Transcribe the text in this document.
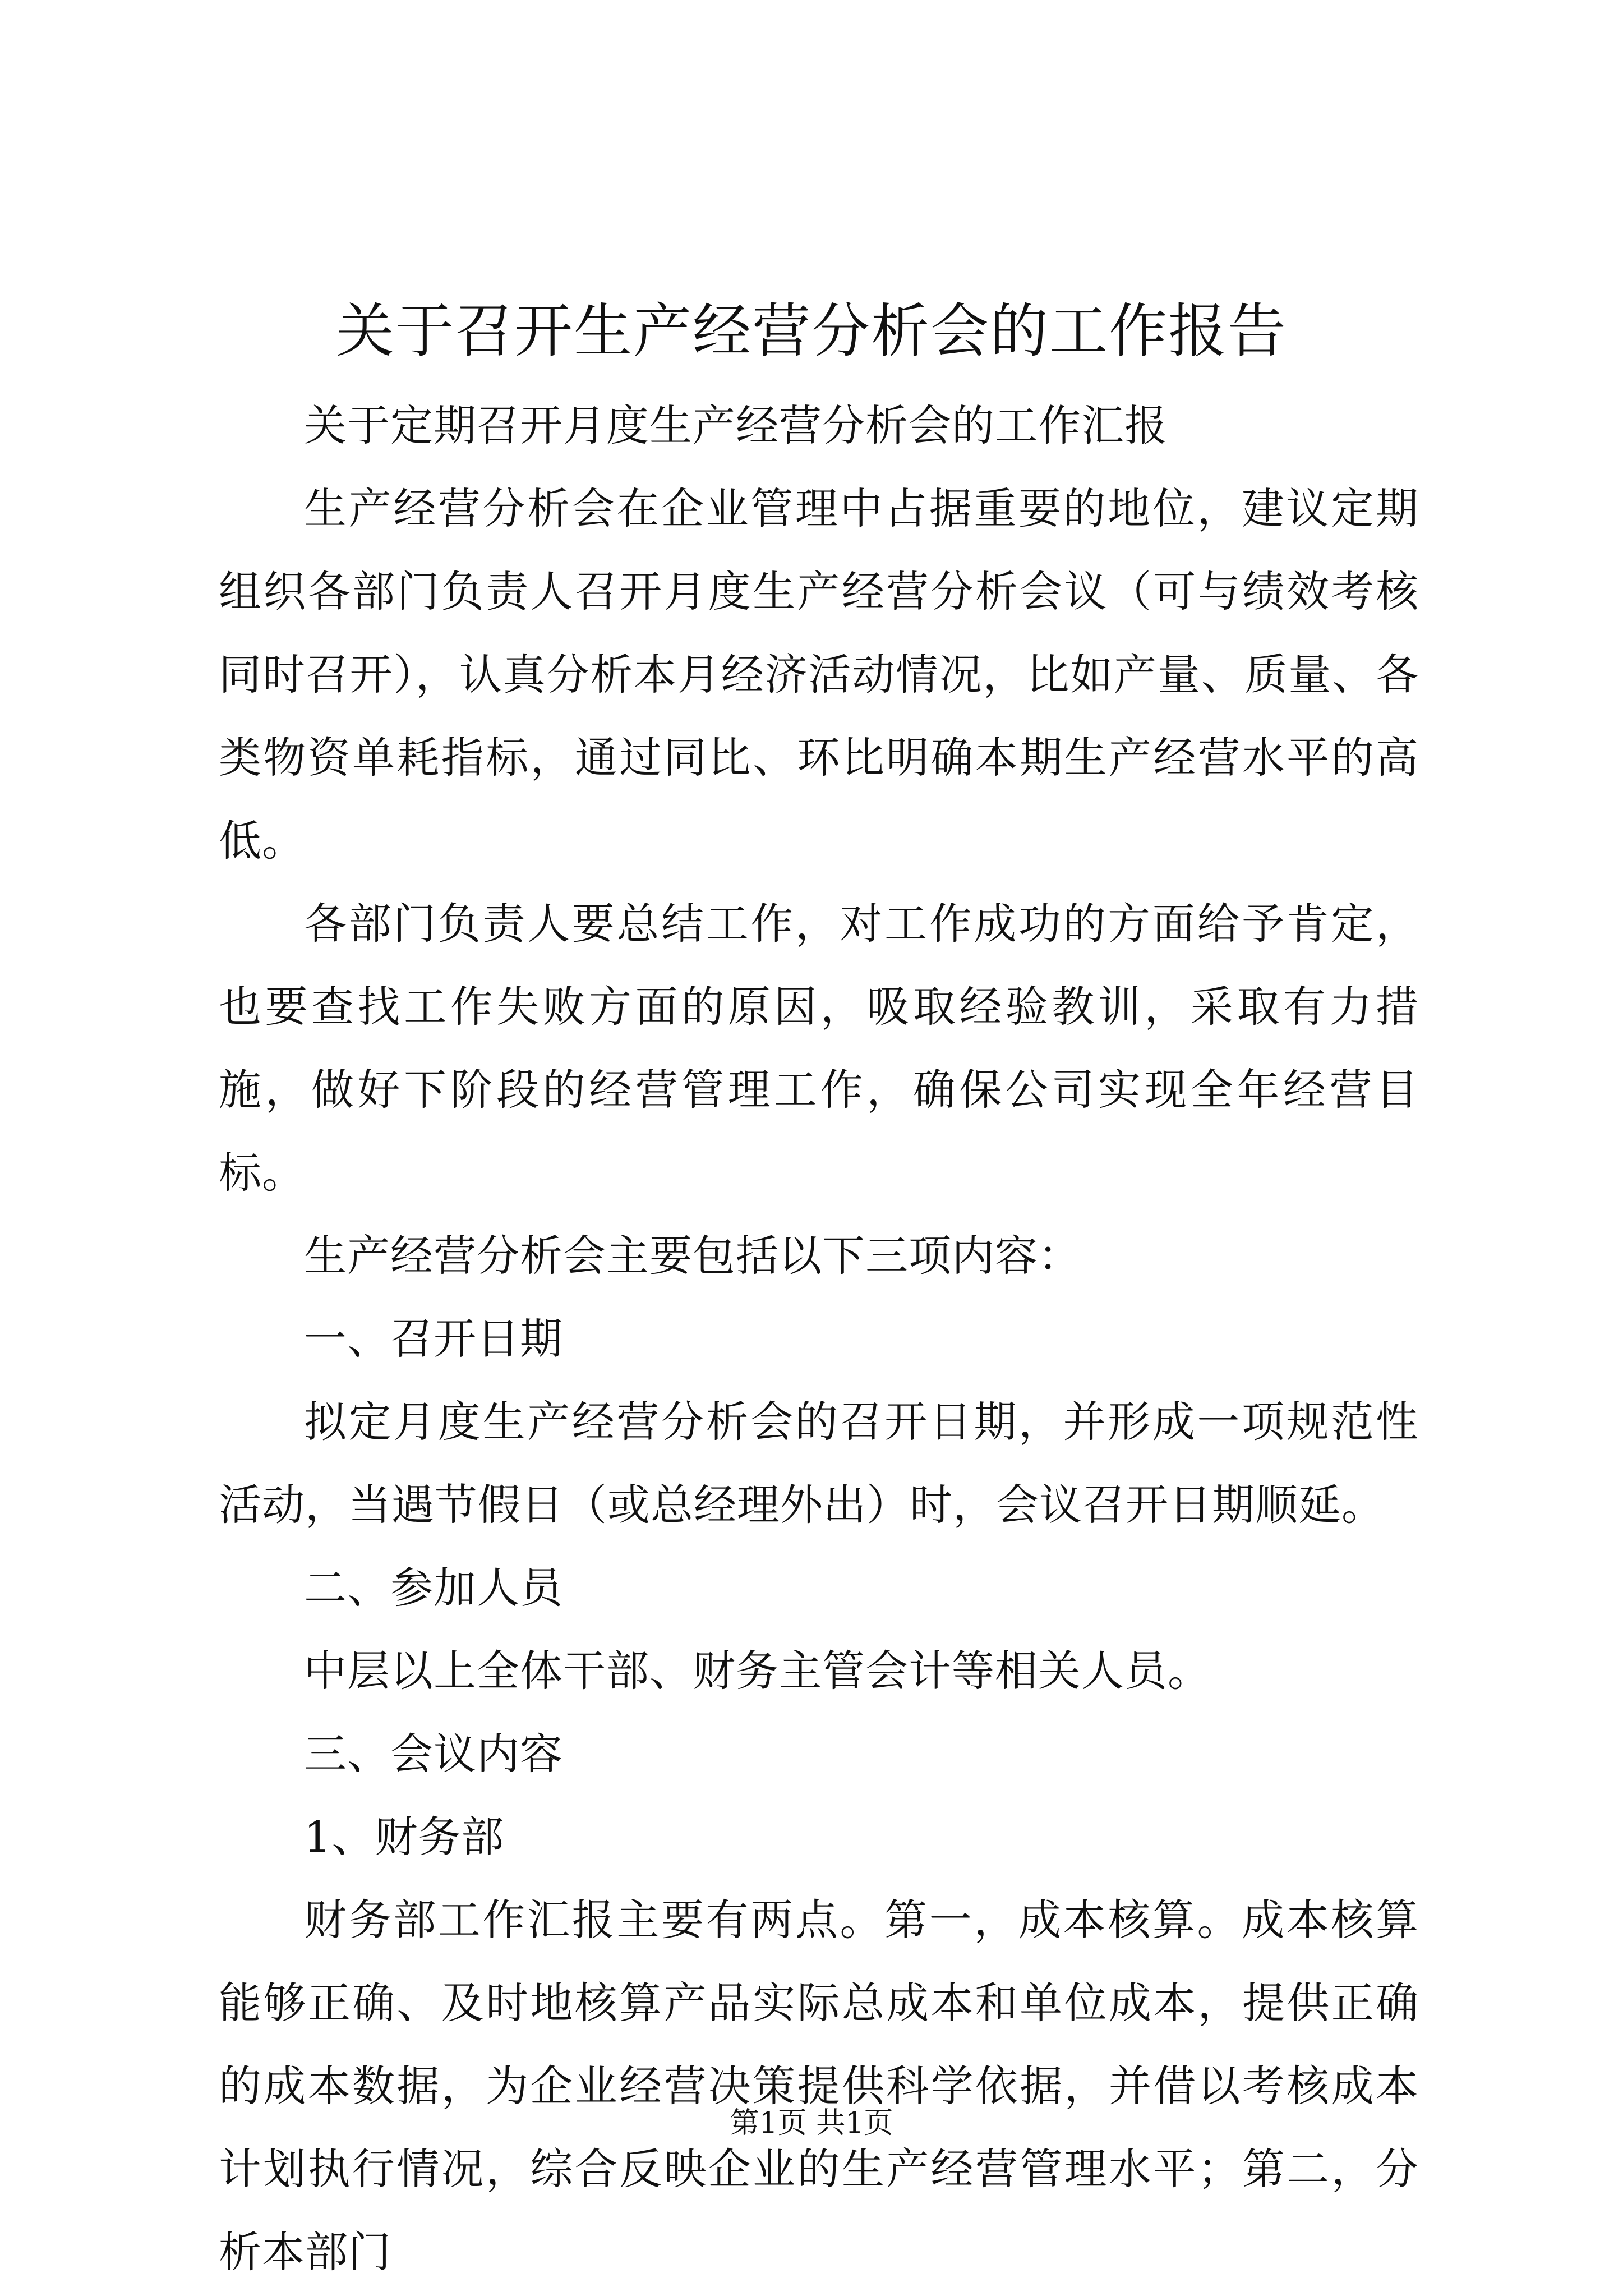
关于召开生产经营分析会的工作报告

关于定期召开月度生产经营分析会的工作汇报

生产经营分析会在企业管理中占据重要的地位，建议定期组织各部门负责人召开月度生产经营分析会议（可与绩效考核同时召开），认真分析本月经济活动情况，比如产量、质量、各类物资单耗指标，通过同比、环比明确本期生产经营水平的高低。

各部门负责人要总结工作，对工作成功的方面给予肯定，也要查找工作失败方面的原因，吸取经验教训，采取有力措施，做好下阶段的经营管理工作，确保公司实现全年经营目标。

生产经营分析会主要包括以下三项内容：

一、召开日期

拟定月度生产经营分析会的召开日期，并形成一项规范性活动，当遇节假日（或总经理外出）时，会议召开日期顺延。

二、参加人员

中层以上全体干部、财务主管会计等相关人员。

三、会议内容

1、财务部

财务部工作汇报主要有两点。第一，成本核算。成本核算能够正确、及时地核算产品实际总成本和单位成本，提供正确的成本数据，为企业经营决策提供科学依据，并借以考核成本计划执行情况，综合反映企业的生产经营管理水平；第二，分析本部门

第1页 共1页
